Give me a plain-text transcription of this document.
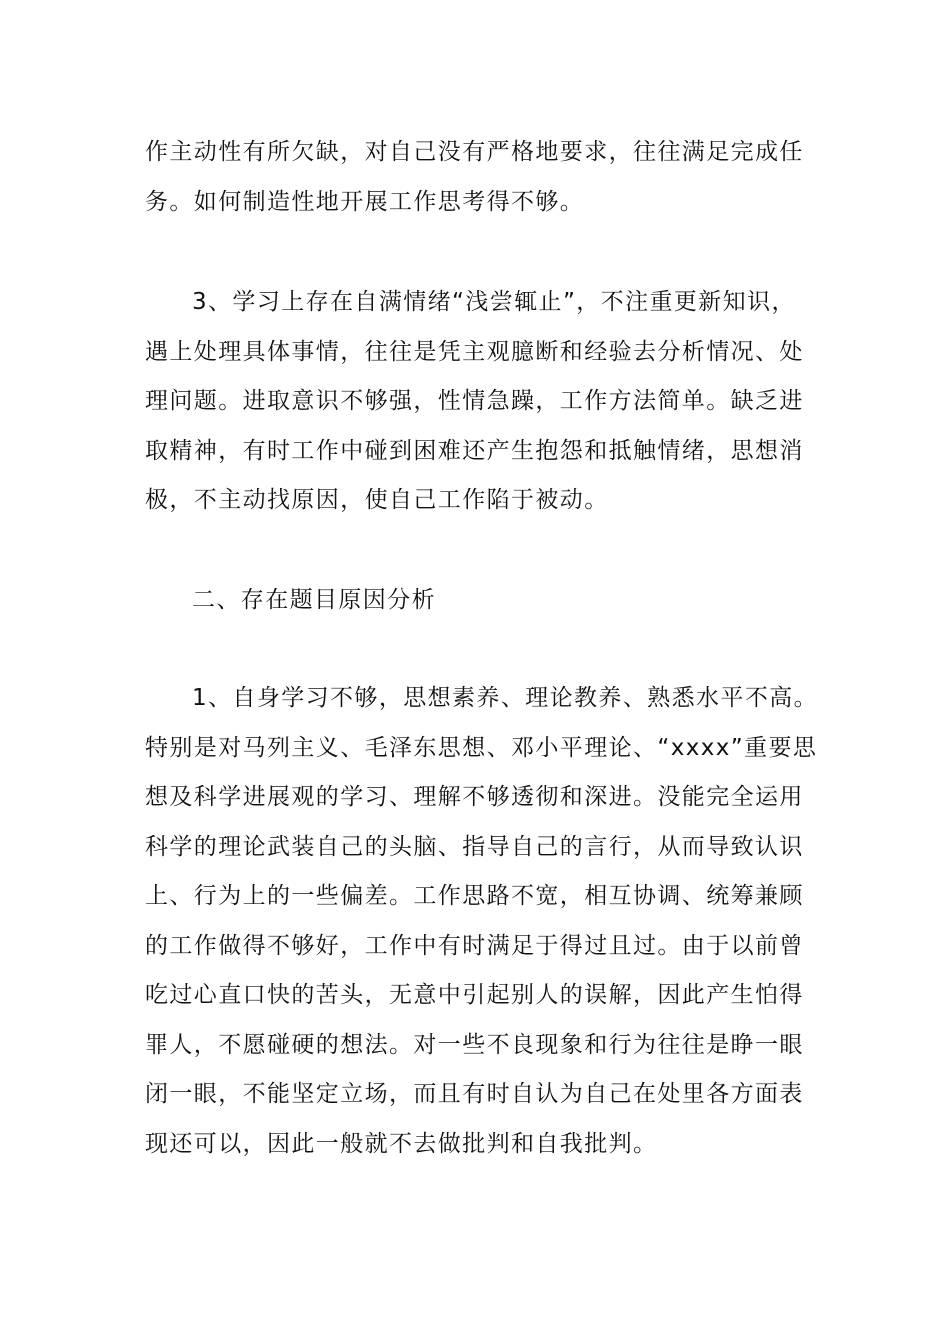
作主动性有所欠缺，对自己没有严格地要求，往往满足完成任
务。如何制造性地开展工作思考得不够。
3、学习上存在自满情绪“浅尝辄止”，不注重更新知识，
遇上处理具体事情，往往是凭主观臆断和经验去分析情况、处
理问题。进取意识不够强，性情急躁，工作方法简单。缺乏进
取精神，有时工作中碰到困难还产生抱怨和抵触情绪，思想消
极，不主动找原因，使自己工作陷于被动。
二、存在题目原因分析
1、自身学习不够，思想素养、理论教养、熟悉水平不高。
特别是对马列主义、毛泽东思想、邓小平理论、“xxxx”重要思
想及科学进展观的学习、理解不够透彻和深进。没能完全运用
科学的理论武装自己的头脑、指导自己的言行，从而导致认识
上、行为上的一些偏差。工作思路不宽，相互协调、统筹兼顾
的工作做得不够好，工作中有时满足于得过且过。由于以前曾
吃过心直口快的苦头，无意中引起别人的误解，因此产生怕得
罪人，不愿碰硬的想法。对一些不良现象和行为往往是睁一眼
闭一眼，不能坚定立场，而且有时自认为自己在处里各方面表
现还可以，因此一般就不去做批判和自我批判。
